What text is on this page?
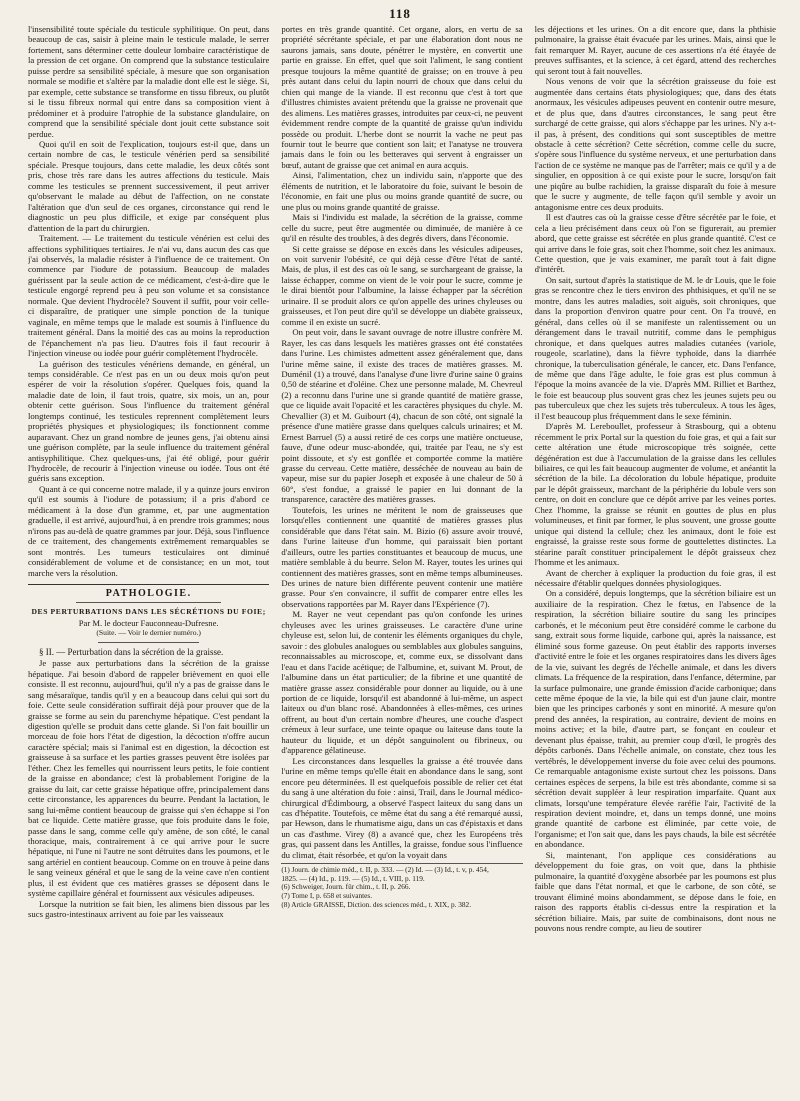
118

l'insensibilité toute spéciale du testicule syphilitique. On peut, dans beaucoup de cas, saisir à pleine main le testicule malade, le serrer fortement, sans déterminer cette douleur lombaire caractéristique de la pression de cet organe. On comprend que la substance testiculaire puisse perdre sa sensibilité spéciale, à mesure que son organisation normale se modifie et s'altère par la maladie dont elle est le siège. Si, par exemple, cette substance se transforme en tissu fibreux, ou plutôt si le tissu fibreux normal qui entre dans sa composition vient à prédominer et à produire l'atrophie de la substance glandulaire, on comprend que la sensibilité spéciale dont jouit cette substance soit perdue.

Quoi qu'il en soit de l'explication, toujours est-il que, dans un certain nombre de cas, le testicule vénérien perd sa sensibilité spéciale. Presque toujours, dans cette maladie, les deux côtés sont pris, chose très rare dans les autres affections du testicule. Mais comme les testicules se prennent successivement, il peut arriver qu'observant le malade au début de l'affection, on ne constate l'altération que d'un seul de ces organes, circonstance qui rend le diagnostic un peu plus difficile, et exige par conséquent plus d'attention de la part du chirurgien.

Traitement. — Le traitement du testicule vénérien est celui des affections syphilitiques tertiaires. Je n'ai vu, dans aucun des cas que j'ai observés, la maladie résister à l'influence de ce traitement. On commence par l'iodure de potassium. Beaucoup de malades guérissent par la seule action de ce médicament, c'est-à-dire que le testicule engorgé reprend peu à peu son volume et sa consistance normale. Que devient l'hydrocèle? Souvent il suffit, pour voir celle-ci disparaître, de pratiquer une simple ponction de la tunique vaginale, en même temps que le malade est soumis à l'influence du traitement général. Dans la moitié des cas au moins la reproduction de l'épanchement n'a pas lieu. D'autres fois il faut recourir à l'injection vineuse ou iodée pour guérir complètement l'hydrocèle.

La guérison des testicules vénériens demande, en général, un temps considérable. Ce n'est pas en un ou deux mois qu'on peut espérer de voir la résolution s'opérer. Quelques fois, quand la maladie date de loin, il faut trois, quatre, six mois, un an, pour obtenir cette guérison. Sous l'influence du traitement général longtemps continué, les testicules reprennent complètement leurs propriétés physiques et physiologiques; ils fonctionnent comme auparavant. Chez un grand nombre de jeunes gens, j'ai obtenu ainsi une guérison complète, par la seule influence du traitement général antisyphilitique. Chez quelques-uns, j'ai été obligé, pour guérir l'hydrocèle, de recourir à l'injection vineuse ou iodée. Tous ont été guéris sans exception.

Quant à ce qui concerne notre malade, il y a quinze jours environ qu'il est soumis à l'iodure de potassium; il a pris d'abord ce médicament à la dose d'un gramme, et, par une augmentation graduelle, il est arrivé, aujourd'hui, à en prendre trois grammes; nous n'irons pas au-delà de quatre grammes par jour. Déjà, sous l'influence de ce traitement, des changements extrêmement remarquables se sont montrés. Les tumeurs testiculaires ont diminué considérablement de volume et de consistance; en un mot, tout marche vers la résolution.

PATHOLOGIE.
DES PERTURBATIONS DANS LES SÉCRÉTIONS DU FOIE;
Par M. le docteur Fauconneau-Dufresne.
(Suite. — Voir le dernier numéro.)
§ II. — Perturbation dans la sécrétion de la graisse.

Je passe aux perturbations dans la sécrétion de la graisse hépatique. J'ai besoin d'abord de rappeler brièvement en quoi elle consiste. Il est reconnu, aujourd'hui, qu'il n'y a pas de graisse dans le sang mésaraïque, tandis qu'il y en a beaucoup dans celui qui sort du foie. Cette seule considération suffirait déjà pour prouver que de la graisse se forme au sein du parenchyme hépatique. C'est pendant la digestion qu'elle se produit dans cette glande. Si l'on fait bouillir un morceau de foie hors l'état de digestion, la décoction n'offre aucun caractère spécial; mais si l'animal est en digestion, la décoction est graisseuse à sa surface et les parties grasses peuvent être isolées par l'éther. Chez les femelles qui nourrissent leurs petits, le foie contient de la graisse en abondance; c'est là probablement l'origine de la graisse du lait, car cette graisse hépatique offre, principalement dans cette circonstance, les apparences du beurre. Pendant la lactation, le sang lui-même contient beaucoup de graisse qui s'en échappe si l'on bat ce liquide. Cette matière grasse, que fois produite dans le foie, passe dans le sang, comme celle qu'y amène, de son côté, le canal thoracique, mais, contrairement à ce qui arrive pour le sucre hépatique, ni l'une ni l'autre ne sont détruites dans les poumons, et le sang artériel en contient beaucoup. Comme on en trouve à peine dans le sang veineux général et que le sang de la veine cave n'en contient plus, il est évident que ces matières grasses se déposent dans le système capillaire général et fournissent aux vésicules adipeuses.

Lorsque la nutrition se fait bien, les alimens bien dissous par les sucs gastro-intestinaux arrivent au foie par les vaisseaux

portes en très grande quantité. Cet organe, alors, en vertu de sa propriété sécrétante spéciale, et par une élaboration dont nous ne saurons jamais, sans doute, pénétrer le mystère, en convertit une partie en graisse. En effet, quel que soit l'aliment, le sang contient presque toujours la même quantité de graisse; on en trouve à peu près autant dans celui du lapin nourri de choux que dans celui du chien qui mange de la viande. Il est reconnu que c'est à tort que d'illustres chimistes avaient prétendu que la graisse ne provenait que des alimens. Les matières grasses, introduites par ceux-ci, ne peuvent évidemment rendre compte de la quantité de graisse qu'un individu possède ou produit. L'herbe dont se nourrit la vache ne peut pas fournir tout le beurre que contient son lait; et l'anatyse ne trouvera jamais dans le foin ou les betteraves qui servent à engraisser un bœuf, autant de graisse que cet animal en aura acquis.

Ainsi, l'alimentation, chez un individu sain, n'apporte que des éléments de nutrition, et le laboratoire du foie, suivant le besoin de l'économie, en fait une plus ou moins grande quantité de sucre, ou une plus ou moins grande quantité de graisse.

Mais si l'individu est malade, la sécrétion de la graisse, comme celle du sucre, peut être augmentée ou diminuée, de manière à ce qu'il en résulte des troubles, à des degrés divers, dans l'économie.

Si cette graisse se dépose en excès dans les vésicules adipeuses, on voit survenir l'obésité, ce qui déjà cesse d'être l'état de santé. Mais, de plus, il est des cas où le sang, se surchargeant de graisse, la laisse échapper, comme on vient de le voir pour le sucre, comme je le dirai bientôt pour l'albumine, la laisse échapper par la sécrétion urinaire. Il se produit alors ce qu'on appelle des urines chyleuses ou graisseuses, et l'on peut dire qu'il se développe un diabète graisseux, comme il en existe un sucré.

On peut voir, dans le savant ouvrage de notre illustre confrère M. Rayer, les cas dans lesquels les matières grasses ont été constatées dans l'urine. Les chimistes admettent assez généralement que, dans l'urine même saine, il existe des traces de matières grasses. M. Duménil (1) a trouvé, dans l'analyse d'une livre d'urine saine 0 grains 0,50 de stéarine et d'oléine. Chez une personne malade, M. Chevreul (2) a reconnu dans l'urine une si grande quantité de matière grasse, que ce liquide avait l'opacité et les caractères physiques du chyle. M. Chevallier (3) et M. Guibourt (4), chacun de son côté, ont signalé la présence d'une matière grasse dans quelques calculs urinaires; et M. Ernest Barruel (5) a aussi retiré de ces corps une matière onctueuse, fauve, d'une odeur musc-abondée, qui, traitée par l'eau, ne s'y est point dissoute, et s'y est gonflée et comportée comme la matière grasse du cerveau. Cette matière, desséchée de nouveau au bain de vapeur, mise sur du papier Joseph et exposée à une chaleur de 50 à 60°, s'est fondue, a graissé le papier en lui donnant de la transparence, caractère des matières grasses.

Toutefois, les urines ne méritent le nom de graisseuses que lorsqu'elles contiennent une quantité de matières grasses plus considérable que dans l'état sain. M. Bizio (6) assure avoir trouvé, dans l'urine laiteuse d'un homme, qui paraissait bien portant d'ailleurs, outre les parties constituantes et beaucoup de mucus, une matière semblable à du beurre. Selon M. Rayer, toutes les urines qui contiennent des matières grasses, sont en même temps albumineuses. Des urines de nature bien différente peuvent contenir une matière grasse. Pour s'en convaincre, il suffit de comparer entre elles les observations rapportées par M. Rayer dans l'Expérience (7).

M. Rayer ne veut cependant pas qu'on confonde les urines chyleuses avec les urines graisseuses. Le caractère d'une urine chyleuse est, selon lui, de contenir les éléments organiques du chyle, savoir : des globules analogues ou semblables aux globules sanguins, reconnaissables au microscope, et, comme eux, se dissolvant dans l'eau et dans l'acide acétique; de l'albumine, et, suivant M. Prout, de l'albumine dans un état particulier; de la fibrine et une quantité de matière grasse assez considérable pour donner au liquide, ou à une portion de ce liquide, lorsqu'il est abandonné à lui-même, un aspect laiteux ou d'un blanc rosé. Abandonnées à elles-mêmes, ces urines offrent, au bout d'un certain nombre d'heures, une couche d'aspect crémeux à leur surface, une teinte opaque ou laiteuse dans toute la hauteur du liquide, et un dépôt sanguinolent ou fibrineux, ou d'apparence gélatineuse.

Les circonstances dans lesquelles la graisse a été trouvée dans l'urine en même temps qu'elle était en abondance dans le sang, sont encore peu déterminées. Il est quelquefois possible de relier cet état du sang à une altération du foie : ainsi, Trail, dans le Journal médico-chirurgical d'Édimbourg, a observé l'aspect laiteux du sang dans un cas d'hépatite. Toutefois, ce même état du sang a été remarqué aussi, par Hewson, dans le rhumatisme aigu, dans un cas d'épistaxis et dans un cas d'asthme. Virey (8) a avancé que, chez les Européens très gras, qui passent dans les Antilles, la graisse, fondue sous l'influence du climat, était résorbée, et qu'on la voyait dans

(1) Journ. de chimie méd., t. II, p. 333. — (2) Id. — (3) Id., t. v, p. 454,
1825. — (4) Id., p. 119. — (5) Id., t. VIII, p. 119.
(6) Schweiger, Journ. für chim., t. II, p. 266.
(7) Tome I, p. 658 et suivantes.
(8) Article GRAISSE, Diction. des sciences méd., t. XIX, p. 382.

les déjections et les urines. On a dit encore que, dans la phthisie pulmonaire, la graisse était évacuée par les urines. Mais, ainsi que le fait remarquer M. Rayer, aucune de ces assertions n'a été étayée de preuves suffisantes, et la science, à cet égard, attend des recherches qui seront tout à fait nouvelles.

Nous venons de voir que la sécrétion graisseuse du foie est augmentée dans certains états physiologiques; que, dans des états anormaux, les vésicules adipeuses peuvent en contenir outre mesure, et de plus que, dans d'autres circonstances, le sang peut être surchargé de cette graisse, qui alors s'échappe par les urines. N'y a-t-il pas, à présent, des conditions qui sont susceptibles de mettre obstacle à cette sécrétion? Cette sécrétion, comme celle du sucre, s'opère sous l'influence du système nerveux, et une perturbation dans l'action de ce système ne manque pas de l'arrêter; mais ce qu'il y a de singulier, en opposition à ce qui existe pour le sucre, lorsqu'on fait une piqûre au bulbe rachidien, la graisse disparaît du foie à mesure que le sucre y augmente, de telle façon qu'il semble y avoir un antagonisme entre ces deux produits.

Il est d'autres cas où la graisse cesse d'être sécrétée par le foie, et cela a lieu précisément dans ceux où l'on se figurerait, au premier abord, que cette graisse est sécrétée en plus grande quantité. C'est ce qui arrive dans le foie gras, soit chez l'homme, soit chez les animaux. Cette question, que je vais examiner, me paraît tout à fait digne d'intérêt.

On sait, surtout d'après la statistique de M. le dr Louis, que le foie gras se rencontre chez le tiers environ des phthisiques, et qu'il ne se montre, dans les autres maladies, soit aiguës, soit chroniques, que dans la proportion d'environ quatre pour cent. On l'a trouvé, en général, dans celles où il se manifeste un ralentissement ou un dérangement dans le travail nutritif, comme dans le pemphigus chronique, et dans quelques autres maladies cutanées (variole, rougeole, scarlatine), dans la fièvre typhoïde, dans la diarrhée chronique, la tuberculisation générale, le cancer, etc. Dans l'enfance, de même que dans l'âge adulte, le foie gras est plus commun à l'époque la moins avancée de la vie. D'après MM. Rilliet et Barthez, le foie est beaucoup plus souvent gras chez les jeunes sujets peu ou pas tuberculeux que chez les sujets très tuberculeux. A tous les âges, il l'est beaucoup plus fréquemment dans le sexe féminin.

D'après M. Lereboullet, professeur à Strasbourg, qui a obtenu récemment le prix Portal sur la question du foie gras, et qui a fait sur cette altération une étude microscopique très soignée, cette dégénération est due à l'accumulation de la graisse dans les cellules biliaires, ce qui les fait beaucoup augmenter de volume, et anéantit la sécrétion de la bile. La décoloration du lobule hépatique, produite par le dépôt graisseux, marchant de la périphérie du lobule vers son centre, on doit en conclure que ce dépôt arrive par les veines portes. Chez l'homme, la graisse se réunit en gouttes de plus en plus volumineuses, et finit par former, le plus souvent, une grosse goutte unique qui distend la cellule; chez les animaux, dont le foie est engraissé, la graisse reste sous forme de gouttelettes distinctes. La stéarine paraît constituer principalement le dépôt graisseux chez l'homme et les animaux.

Avant de chercher à expliquer la production du foie gras, il est nécessaire d'établir quelques données physiologiques.

On a considéré, depuis longtemps, que la sécrétion biliaire est un auxiliaire de la respiration. Chez le fœtus, en l'absence de la respiration, la sécrétion biliaire soutire du sang les principes carbonés, et le méconium peut être considéré comme le carbone du sang, extrait sous forme liquide, carbone qui, après la naissance, est éliminé sous forme gazeuse. On peut établir des rapports inverses d'activité entre le foie et les organes respiratoires dans les divers âges de la vie, suivant les degrés de l'échelle animale, et dans les divers climats. La fréquence de la respiration, dans l'enfance, détermine, par la surface pulmonaire, une grande émission d'acide carbonique; dans cette même époque de la vie, la bile qui est d'un jaune clair, montre bien que les principes carbonés y sont en minorité. A mesure qu'on prend des années, la respiration, au contraire, devient de moins en moins active; et la bile, d'autre part, se fonçant en couleur et devenant plus épaisse, trahit, au premier coup d'œil, le progrès des dépôts carbonés. Dans l'échelle animale, on constate, chez tous les vertébrés, le développement inverse du foie avec celui des poumons. Ce remarquable antagonisme existe surtout chez les poissons. Dans certaines espèces de serpens, la bile est très abondante, comme si sa sécrétion devait suppléer à leur respiration imparfaite. Quant aux climats, lorsqu'une température élevée raréfie l'air, l'activité de la respiration devient moindre, et, dans un temps donné, une moins grande quantité de carbone est éliminée, par cette voie, de l'organisme; et l'on sait que, dans les pays chauds, la bile est sécrétée en abondance.

Si, maintenant, l'on applique ces considérations au développement du foie gras, on voit que, dans la phthisie pulmonaire, la quantité d'oxygène absorbée par les poumons est plus faible que dans l'état normal, et que le carbone, de son côté, se trouvant éliminé moins abondamment, se dépose dans le foie, en raison des rapports établis ci-dessus entre la respiration et la sécrétion biliaire. Mais, par suite de combinaisons, dont nous ne pouvons nous rendre compte, au lieu de soutirer
